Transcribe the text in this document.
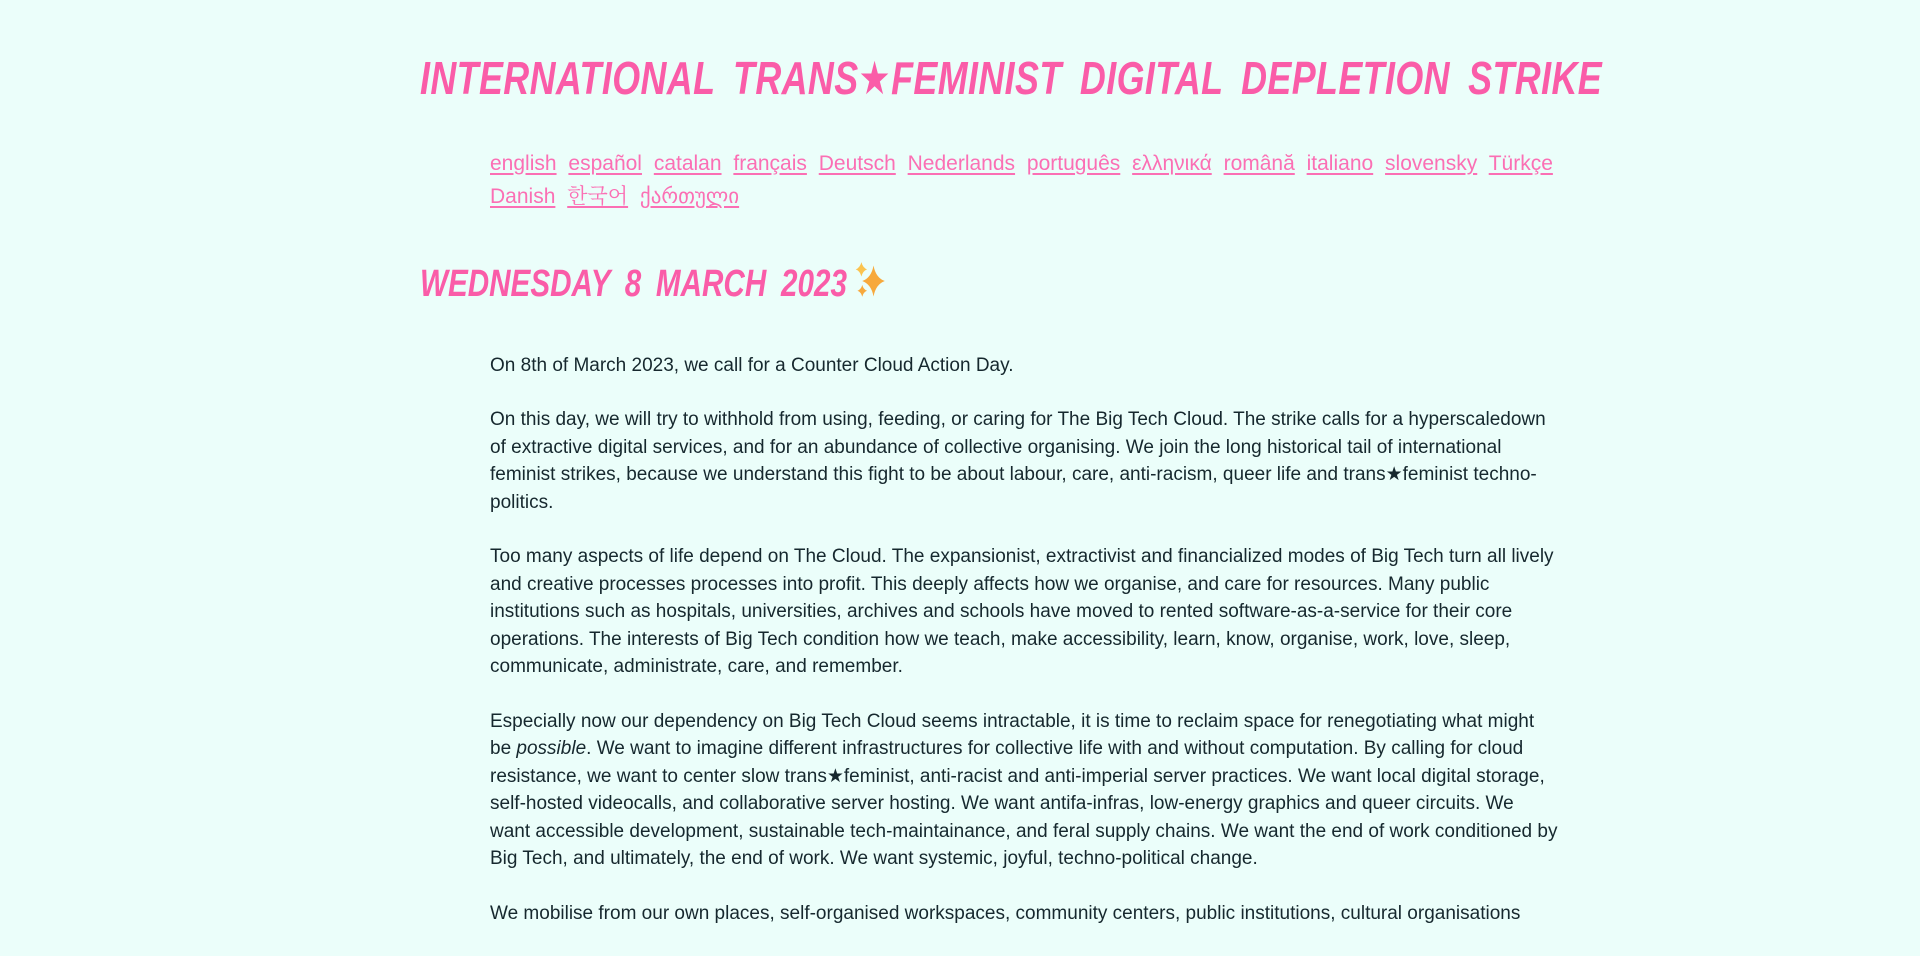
INTERNATIONAL TRANS★FEMINIST DIGITAL DEPLETION STRIKE
english español catalan français Deutsch Nederlands português ελληνικά română italiano slovensky Türkçe Danish 한국어 ქართული
WEDNESDAY 8 MARCH 2023

On 8th of March 2023, we call for a Counter Cloud Action Day.

On this day, we will try to withhold from using, feeding, or caring for The Big Tech Cloud. The strike calls for a hyperscaledown of extractive digital services, and for an abundance of collective organising. We join the long historical tail of international feminist strikes, because we understand this fight to be about labour, care, anti-racism, queer life and trans★feminist techno-politics.

Too many aspects of life depend on The Cloud. The expansionist, extractivist and financialized modes of Big Tech turn all lively and creative processes processes into profit. This deeply affects how we organise, and care for resources. Many public institutions such as hospitals, universities, archives and schools have moved to rented software-as-a-service for their core operations. The interests of Big Tech condition how we teach, make accessibility, learn, know, organise, work, love, sleep, communicate, administrate, care, and remember.

Especially now our dependency on Big Tech Cloud seems intractable, it is time to reclaim space for renegotiating what might be possible. We want to imagine different infrastructures for collective life with and without computation. By calling for cloud resistance, we want to center slow trans★feminist, anti-racist and anti-imperial server practices. We want local digital storage, self-hosted videocalls, and collaborative server hosting. We want antifa-infras, low-energy graphics and queer circuits. We want accessible development, sustainable tech-maintainance, and feral supply chains. We want the end of work conditioned by Big Tech, and ultimately, the end of work. We want systemic, joyful, techno-political change.

We mobilise from our own places, self-organised workspaces, community centers, public institutions, cultural organisations
